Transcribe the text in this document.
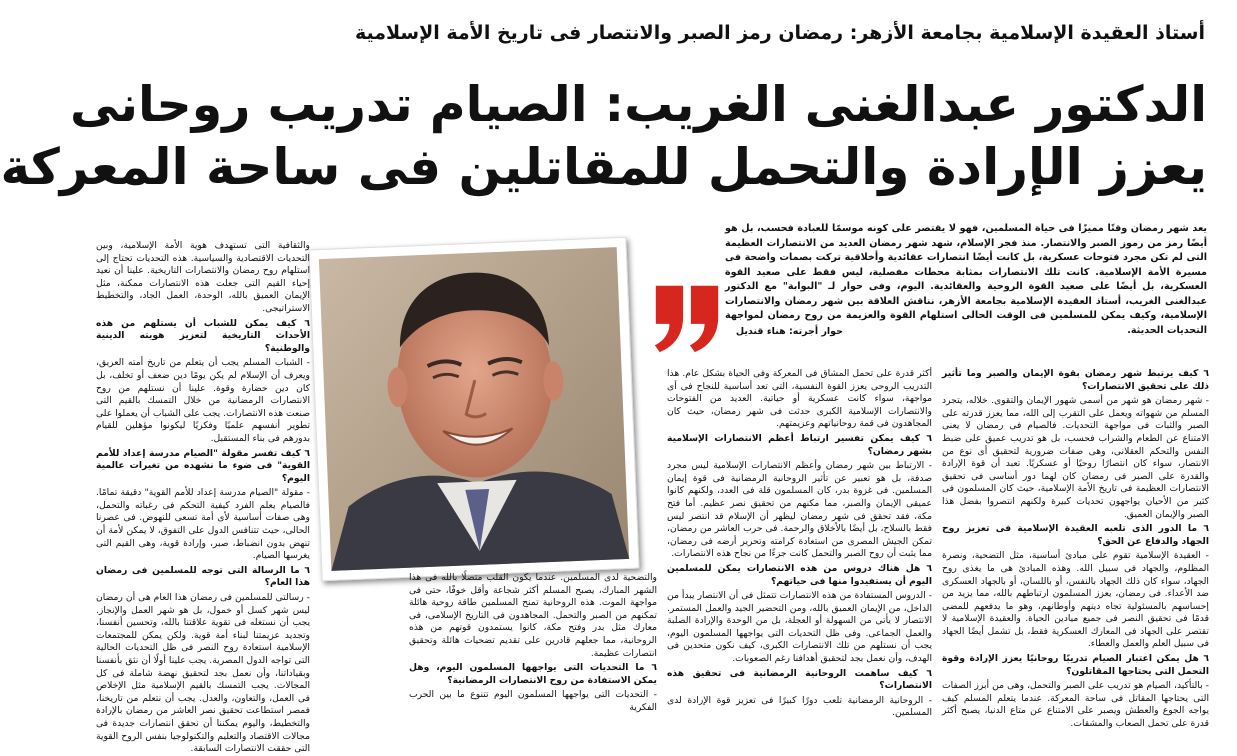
أستاذ العقيدة الإسلامية بجامعة الأزهر: رمضان رمز الصبر والانتصار فى تاريخ الأمة الإسلامية
الدكتور عبدالغنى الغريب: الصيام تدريب روحانى
يعزز الإرادة والتحمل للمقاتلين فى ساحة المعركة
يعد شهر رمضان وقتًا مميزًا فى حياة المسلمين، فهو لا يقتصر على كونه موسمًا للعبادة فحسب، بل هو أيضًا رمز من رموز الصبر والانتصار. منذ فجر الإسلام، شهد شهر رمضان العديد من الانتصارات العظيمة التى لم تكن مجرد فتوحات عسكرية، بل كانت أيضًا انتصارات عقائدية وأخلاقية تركت بصمات واضحة فى مسيرة الأمة الإسلامية. كانت تلك الانتصارات بمثابة محطات مفصلية، ليس فقط على صعيد القوة العسكرية، بل أيضًا على صعيد القوة الروحية والعقائدية. اليوم، وفى حوار لـ "البوابة" مع الدكتور عبدالغنى الغريب، أستاذ العقيدة الإسلامية بجامعة الأزهر، نناقش العلاقة بين شهر رمضان والانتصارات الإسلامية، وكيف يمكن للمسلمين فى الوقت الحالى استلهام القوة والعزيمة من روح رمضان لمواجهة التحديات الحديثة.
حوار أجرته: هناء قنديل

٦ كيف يرتبط شهر رمضان بقوة الإيمان والصبر وما تأثير ذلك على تحقيق الانتصارات؟

- شهر رمضان هو شهر من أسمى شهور الإيمان والتقوى. خلاله، يتجرد المسلم من شهواته ويعمل على التقرب إلى الله، مما يعزز قدرته على الصبر والثبات فى مواجهة التحديات. فالصيام فى رمضان لا يعنى الامتناع عن الطعام والشراب فحسب، بل هو تدريب عميق على ضبط النفس والتحكم العقلانى، وهى صفات ضرورية لتحقيق أى نوع من الانتصار، سواء كان انتصارًا روحيًا أو عسكريًا. تعبد أن قوة الإرادة والقدرة على الصبر فى رمضان كان لهما دور أساسى فى تحقيق الانتصارات العظيمة فى تاريخ الأمة الإسلامية، حيث كان المسلمون فى كثير من الأحيان يواجهون تحديات كبيرة ولكنهم انتصروا بفضل هذا الصبر والإيمان العميق.

٦ ما الدور الذى تلعبه العقيدة الإسلامية فى تعزيز روح الجهاد والدفاع عن الحق؟

- العقيدة الإسلامية تقوم على مبادئ أساسية، مثل التضحية، ونصرة المظلوم، والجهاد فى سبيل الله. وهذه المبادئ هى ما يغذى روح الجهاد، سواء كان ذلك الجهاد بالنفس، أو باللسان، أو بالجهاد العسكرى ضد الأعداء. فى رمضان، يعزز المسلمون ارتباطهم بالله، مما يزيد من إحساسهم بالمسئولية تجاه دينهم وأوطانهم، وهو ما يدفعهم للمضى قدمًا فى تحقيق النصر فى جميع ميادين الحياة. والعقيدة الإسلامية لا تقتصر على الجهاد فى المعارك العسكرية فقط، بل تشمل أيضًا الجهاد فى سبيل العلم والعمل والعطاء.

٦ هل يمكن اعتبار الصيام تدريبًا روحانيًا يعزز الإرادة وقوة التحمل التى يحتاجها المقاتلون؟

- بالتأكيد، الصيام هو تدريب على الصبر والتحمل، وهى من أبرز الصفات التى يحتاجها المقاتل فى ساحة المعركة. عندما يتعلم المسلم كيف يواجه الجوع والعطش ويصبر على الامتناع عن متاع الدنيا، يصبح أكثر قدرة على تحمل الصعاب والمشقات.

أكثر قدرة على تحمل المشاق فى المعركة وفى الحياة بشكل عام. هذا التدريب الروحى يعزز القوة النفسية، التى تعد أساسية للنجاح فى أى مواجهة، سواء كانت عسكرية أو حياتية. العديد من الفتوحات والانتصارات الإسلامية الكبرى حدثت فى شهر رمضان، حيث كان المجاهدون فى قمة روحانياتهم وعزيمتهم.

٦ كيف يمكن تفسير ارتباط أعظم الانتصارات الإسلامية بشهر رمضان؟

- الارتباط بين شهر رمضان وأعظم الانتصارات الإسلامية ليس مجرد صدفة، بل هو تعبير عن تأثير الروحانية الرمضانية فى قوة إيمان المسلمين. فى غزوة بدر، كان المسلمون قلة فى العدد، ولكنهم كانوا عميقى الإيمان والصبر، مما مكنهم من تحقيق نصر عظيم. أما فتح مكة، فقد تحقق فى شهر رمضان ليظهر أن الإسلام قد انتصر ليس فقط بالسلاح، بل أيضًا بالأخلاق والرحمة. فى حرب العاشر من رمضان، تمكن الجيش المصرى من استعادة كرامته وتحرير أرضه فى رمضان، مما يثبت أن روح الصبر والتحمل كانت جزءًا من نجاح هذه الانتصارات.

٦ هل هناك دروس من هذه الانتصارات يمكن للمسلمين اليوم أن يستفيدوا منها فى حياتهم؟

- الدروس المستفادة من هذه الانتصارات تتمثل فى أن الانتصار يبدأ من الداخل، من الإيمان العميق بالله، ومن التحضير الجيد والعمل المستمر. الانتصار لا يأتى من السهولة أو العجلة، بل من الوحدة والإرادة الصلبة والعمل الجماعى. وفى ظل التحديات التى يواجهها المسلمون اليوم، يجب أن نستلهم من تلك الانتصارات الكبرى، كيف نكون متحدين فى الهدف، وأن نعمل بجد لتحقيق أهدافنا رغم الصعوبات.

٦ كيف ساهمت الروحانية الرمضانية فى تحقيق هذه الانتصارات؟

- الروحانية الرمضانية تلعب دورًا كبيرًا فى تعزيز قوة الإرادة لدى المسلمين.

والتضحية لدى المسلمين. عندما يكون القلب متصلًا بالله فى هذا الشهر المبارك، يصبح المسلم أكثر شجاعة وأقل خوفًا، حتى فى مواجهة الموت. هذه الروحانية تمنح المسلمين طاقة روحية هائلة تمكنهم من الصبر والتحمل. المجاهدون فى التاريخ الإسلامى، فى معارك مثل بدر وفتح مكة، كانوا يستمدون قوتهم من هذه الروحانية، مما جعلهم قادرين على تقديم تضحيات هائلة وتحقيق انتصارات عظيمة.

٦ ما التحديات التى يواجهها المسلمون اليوم، وهل يمكن الاستفادة من روح الانتصارات الرمضانية؟

- التحديات التى يواجهها المسلمون اليوم تتنوع ما بين الحرب الفكرية

والثقافية التى تستهدف هوية الأمة الإسلامية، وبين التحديات الاقتصادية والسياسية. هذه التحديات تحتاج إلى استلهام روح رمضان والانتصارات التاريخية. علينا أن نعيد إحياء القيم التى جعلت هذه الانتصارات ممكنة، مثل الإيمان العميق بالله، الوحدة، العمل الجاد، والتخطيط الاستراتيجى.

٦ كيف يمكن للشباب أن يستلهم من هذه الأحداث التاريخية لتعزيز هويته الدينية والوطنية؟

- الشباب المسلم يجب أن يتعلم من تاريخ أمته العريق، ويعرف أن الإسلام لم يكن يومًا دين ضعف أو تخلف، بل كان دين حضارة وقوة. علينا أن نستلهم من روح الانتصارات الرمضانية من خلال التمسك بالقيم التى صنعت هذه الانتصارات. يجب على الشباب أن يعملوا على تطوير أنفسهم علميًا وفكريًا ليكونوا مؤهلين للقيام بدورهم فى بناء المستقبل.

٦ كيف تفسر مقولة "الصيام مدرسة إعداد للأمم القوية" فى ضوء ما نشهده من تغيرات عالمية اليوم؟

- مقولة "الصيام مدرسة إعداد للأمم القوية" دقيقة تمامًا. فالصيام يعلم الفرد كيفية التحكم فى رغباته والتحمل، وهى صفات أساسية لأى أمة تسعى للنهوض. فى عصرنا الحالى، حيث تتنافس الدول على التفوق، لا يمكن لأمة أن تنهض بدون انضباط، صبر، وإرادة قوية، وهى القيم التى يغرسها الصيام.

٦ ما الرسالة التى توجه للمسلمين فى رمضان هذا العام؟

- رسالتى للمسلمين فى رمضان هذا العام هى أن رمضان ليس شهر كسل أو خمول، بل هو شهر العمل والإنجاز. يجب أن نستغله فى تقوية علاقتنا بالله، وتحسين أنفسنا، وتجديد عزيمتنا لبناء أمة قوية. ولكن يمكن للمجتمعات الإسلامية استعادة روح النصر فى ظل التحديات الحالية التى تواجه الدول المصرية. يجب علينا أولًا أن نثق بأنفسنا وبقياداتنا، وأن نعمل بجد لتحقيق نهضة شاملة فى كل المجالات. يجب التمسك بالقيم الإسلامية مثل الإخلاص فى العمل، والتعاون، والعدل. يجب أن نتعلم من تاريخنا، فمصر استطاعت تحقيق نصر العاشر من رمضان بالإرادة والتخطيط، واليوم يمكننا أن نحقق انتصارات جديدة فى مجالات الاقتصاد والتعليم والتكنولوجيا بنفس الروح القوية التى حققت الانتصارات السابقة.
